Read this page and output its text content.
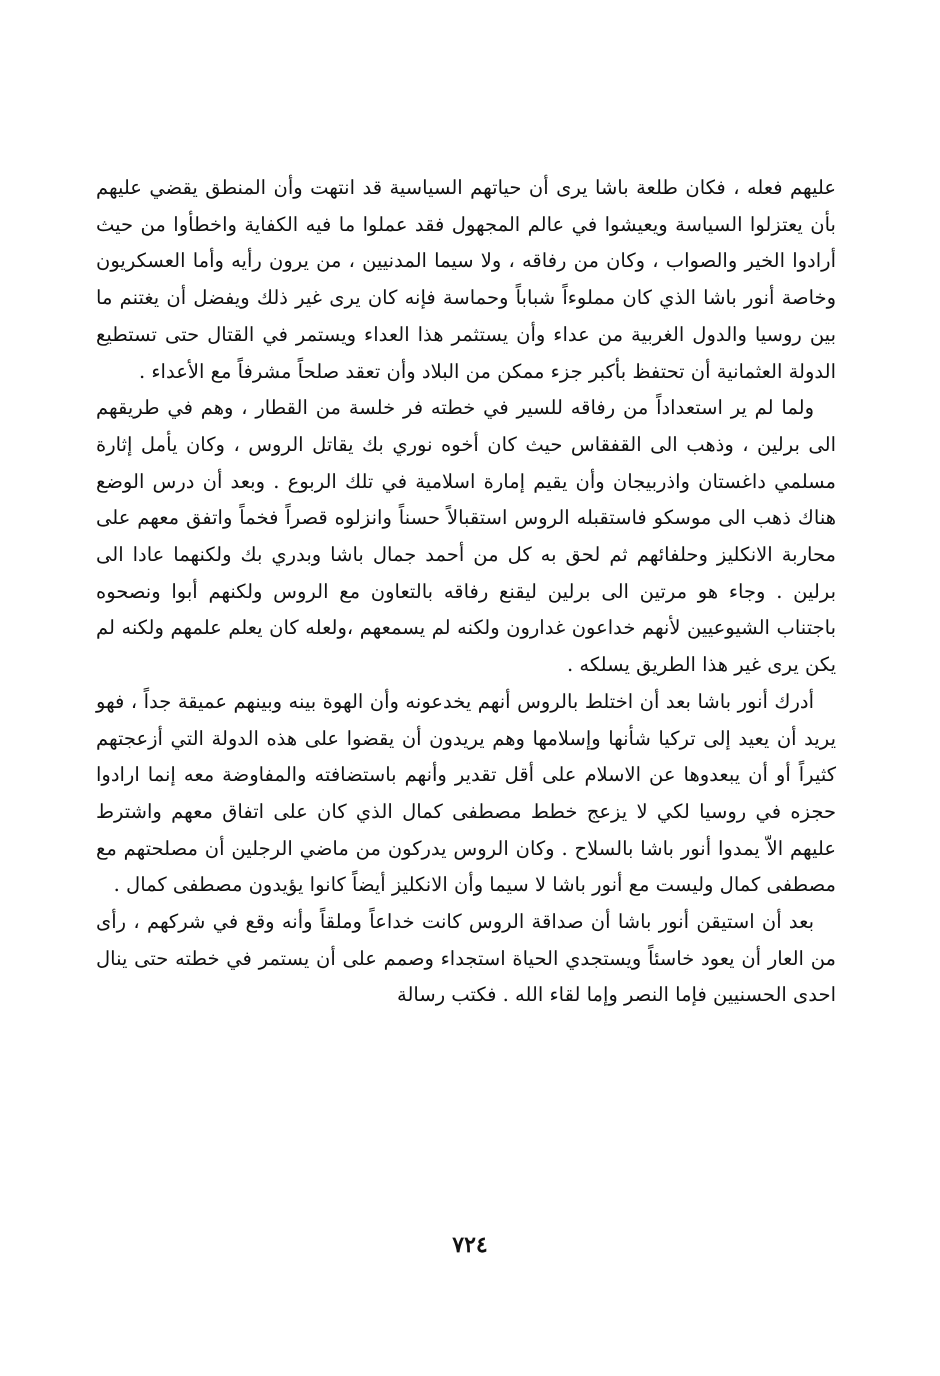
عليهم فعله ، فكان طلعة باشا يرى أن حياتهم السياسية قد انتهت وأن المنطق يقضي عليهم بأن يعتزلوا السياسة ويعيشوا في عالم المجهول فقد عملوا ما فيه الكفاية واخطأوا من حيث أرادوا الخير والصواب ، وكان من رفاقه ، ولا سيما المدنيين ، من يرون رأيه وأما العسكريون وخاصة أنور باشا الذي كان مملوءاً شباباً وحماسة فإنه كان يرى غير ذلك ويفضل أن يغتنم ما بين روسيا والدول الغربية من عداء وأن يستثمر هذا العداء ويستمر في القتال حتى تستطيع الدولة العثمانية أن تحتفظ بأكبر جزء ممكن من البلاد وأن تعقد صلحاً مشرفاً مع الأعداء .

ولما لم ير استعداداً من رفاقه للسير في خطته فر خلسة من القطار ، وهم في طريقهم الى برلين ، وذهب الى القفقاس حيث كان أخوه نوري بك يقاتل الروس ، وكان يأمل إثارة مسلمي داغستان واذربيجان وأن يقيم إمارة اسلامية في تلك الربوع . وبعد أن درس الوضع هناك ذهب الى موسكو فاستقبله الروس استقبالاً حسناً وانزلوه قصراً فخماً واتفق معهم على محاربة الانكليز وحلفائهم ثم لحق به كل من أحمد جمال باشا وبدري بك ولكنهما عادا الى برلين . وجاء هو مرتين الى برلين ليقنع رفاقه بالتعاون مع الروس ولكنهم أبوا ونصحوه باجتناب الشيوعيين لأنهم خداعون غدارون ولكنه لم يسمعهم ،ولعله كان يعلم علمهم ولكنه لم يكن يرى غير هذا الطريق يسلكه .

أدرك أنور باشا بعد أن اختلط بالروس أنهم يخدعونه وأن الهوة بينه وبينهم عميقة جداً ، فهو يريد أن يعيد إلى تركيا شأنها وإسلامها وهم يريدون أن يقضوا على هذه الدولة التي أزعجتهم كثيراً أو أن يبعدوها عن الاسلام على أقل تقدير وأنهم باستضافته والمفاوضة معه إنما ارادوا حجزه في روسيا لكي لا يزعج خطط مصطفى كمال الذي كان على اتفاق معهم واشترط عليهم الاّ يمدوا أنور باشا بالسلاح . وكان الروس يدركون من ماضي الرجلين أن مصلحتهم مع مصطفى كمال وليست مع أنور باشا لا سيما وأن الانكليز أيضاً كانوا يؤيدون مصطفى كمال .

بعد أن استيقن أنور باشا أن صداقة الروس كانت خداعاً وملقاً وأنه وقع في شركهم ، رأى من العار أن يعود خاسئاً ويستجدي الحياة استجداء وصمم على أن يستمر في خطته حتى ينال احدى الحسنيين فإما النصر وإما لقاء الله . فكتب رسالة

٧٢٤
